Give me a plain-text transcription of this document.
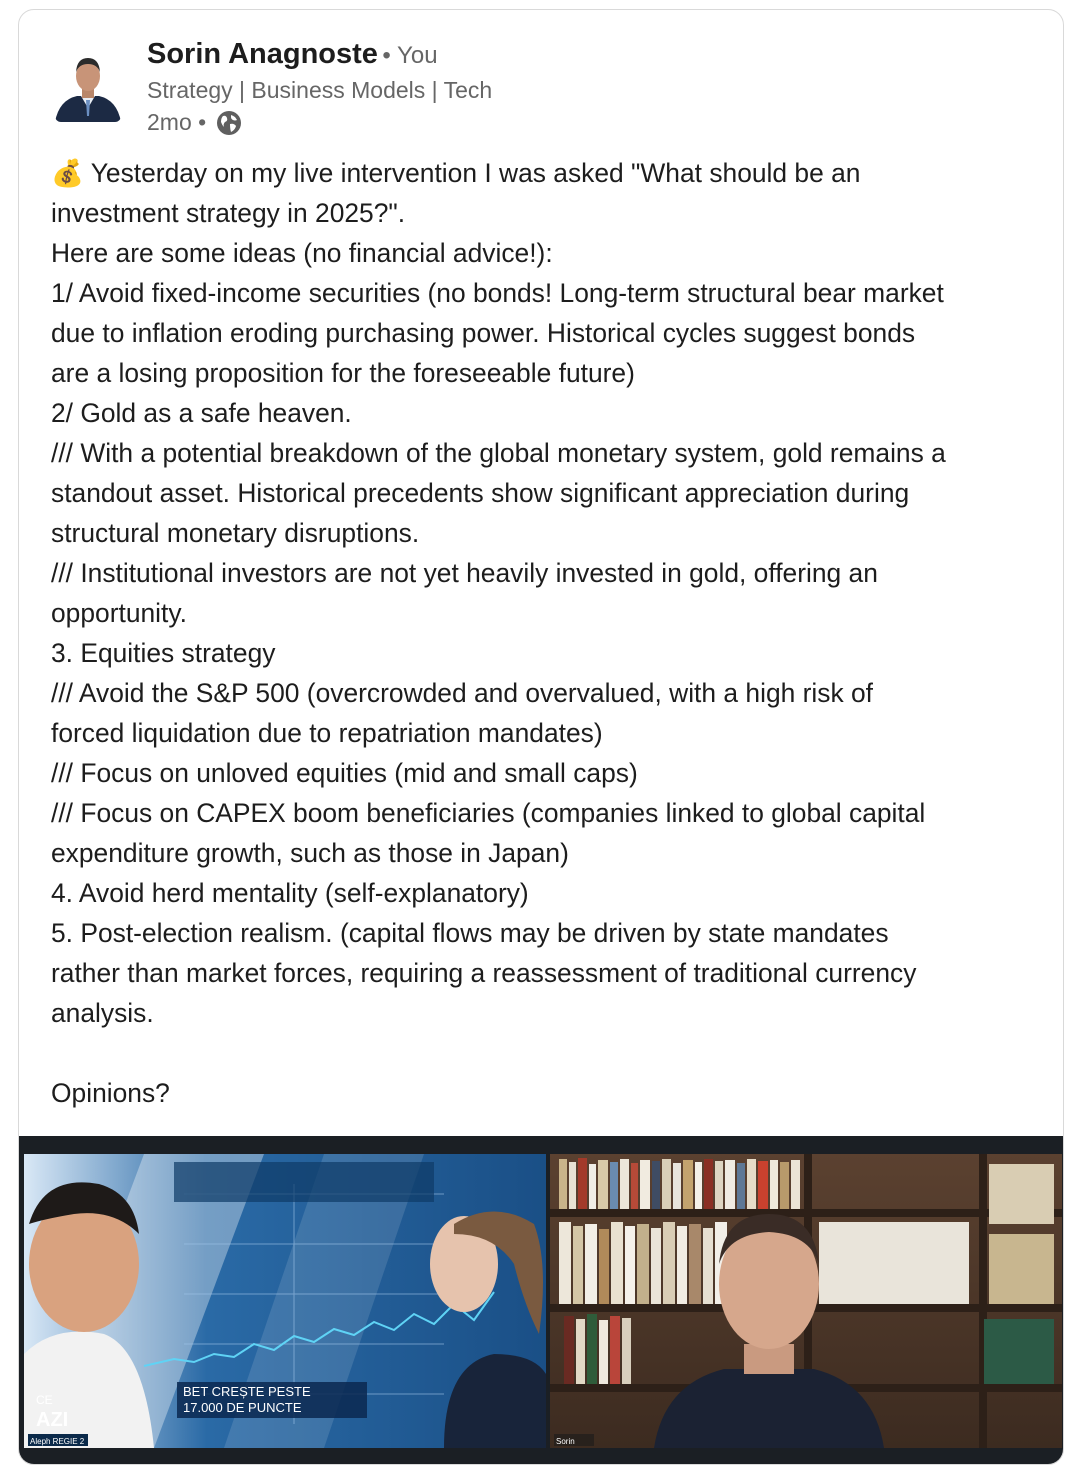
Sorin Anagnoste • You
Strategy | Business Models | Tech
2mo •
💰 Yesterday on my live intervention I was asked "What should be an
investment strategy in 2025?".
Here are some ideas (no financial advice!):
1/ Avoid fixed-income securities (no bonds! Long-term structural bear market
due to inflation eroding purchasing power. Historical cycles suggest bonds
are a losing proposition for the foreseeable future)
2/ Gold as a safe heaven.
/// With a potential breakdown of the global monetary system, gold remains a
standout asset. Historical precedents show significant appreciation during
structural monetary disruptions.
/// Institutional investors are not yet heavily invested in gold, offering an
opportunity.
3. Equities strategy
/// Avoid the S&P 500 (overcrowded and overvalued, with a high risk of
forced liquidation due to repatriation mandates)
/// Focus on unloved equities (mid and small caps)
/// Focus on CAPEX boom beneficiaries (companies linked to global capital
expenditure growth, such as those in Japan)
4. Avoid herd mentality (self-explanatory)
5. Post-election realism. (capital flows may be driven by state mandates
rather than market forces, requiring a reassessment of traditional currency
analysis.
Opinions?
CE
AZI
Aleph REGIE 2	Sorin
BET CREȘTE PESTE
17.000 DE PUNCTE
